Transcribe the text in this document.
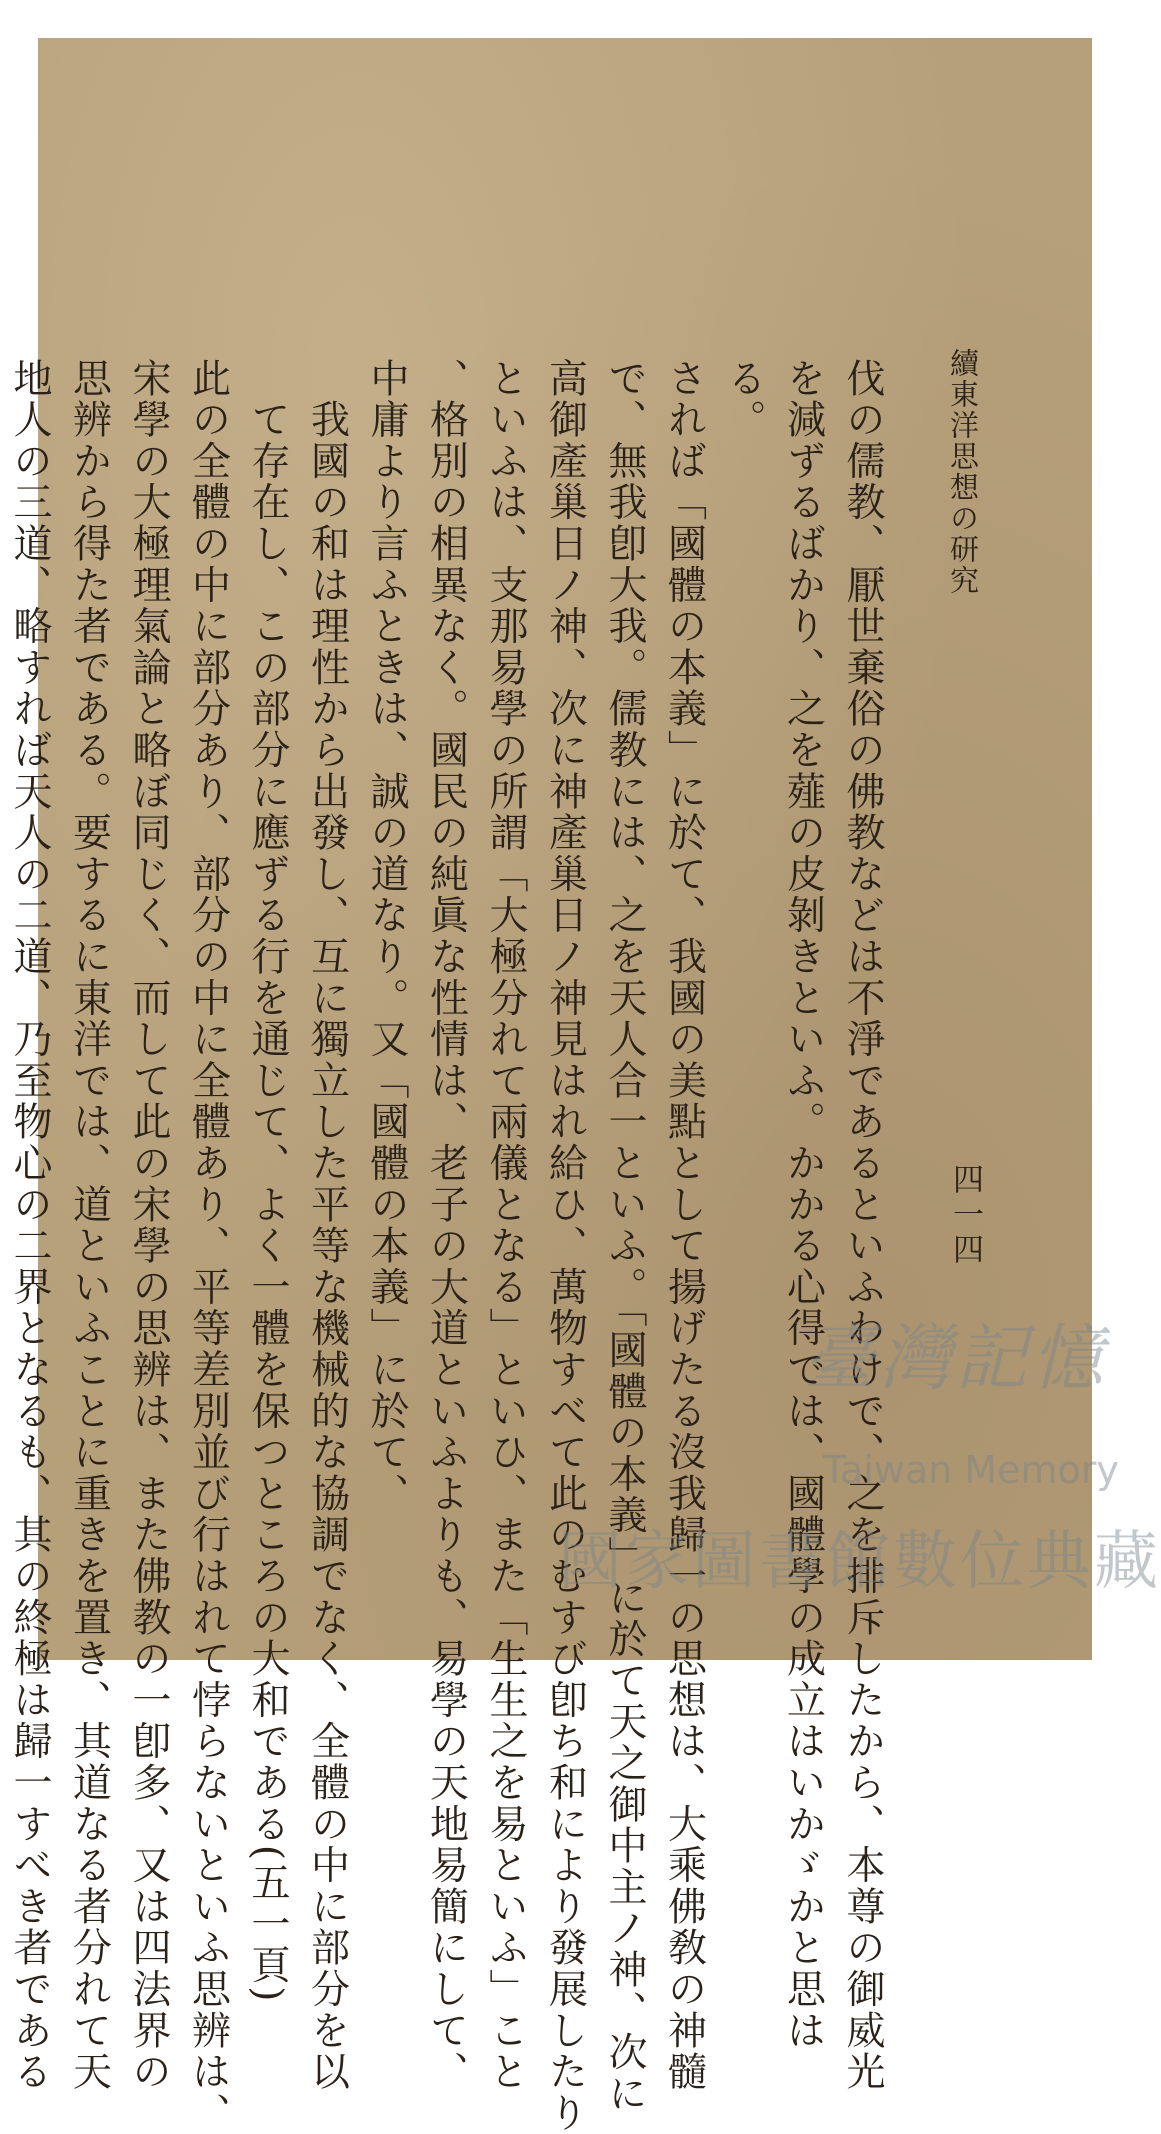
續東洋思想の研究
四一四

伐の儒教、厭世棄俗の佛教などは不淨であるといふわけで、之を排斥したから、本尊の御威光

を減ずるばかり、之を薤の皮剝きといふ。かかる心得では、國體學の成立はいかゞかと思は

る。

されば「國體の本義」に於て、我國の美點として揚げたる沒我歸一の思想は、大乘佛敎の神髓

で、無我卽大我。儒教には、之を天人合一といふ。「國體の本義」に於て天之御中主ノ神、次に

高御產巢日ノ神、次に神產巢日ノ神見はれ給ひ、萬物すべて此のむすび卽ち和により發展したり

といふは、支那易學の所謂「大極分れて兩儀となる」といひ、また「生生之を易といふ」こと

、格別の相異なく。國民の純眞な性情は、老子の大道といふよりも、易學の天地易簡にして、

中庸より言ふときは、誠の道なり。又「國體の本義」に於て、

　我國の和は理性から出發し、互に獨立した平等な機械的な協調でなく、全體の中に部分を以

　て存在し、この部分に應ずる行を通じて、よく一體を保つところの大和である(五一頁)

此の全體の中に部分あり、部分の中に全體あり、平等差別並び行はれて悖らないといふ思辨は、

宋學の大極理氣論と略ぼ同じく、而して此の宋學の思辨は、また佛教の一卽多、又は四法界の

思辨から得た者である。要するに東洋では、道といふことに重きを置き、其道なる者分れて天

地人の三道、略すれば天人の二道、乃至物心の二界となるも、其の終極は歸一すべき者である	臺灣記憶
Taiwan Memory
國家圖書館數位典藏
